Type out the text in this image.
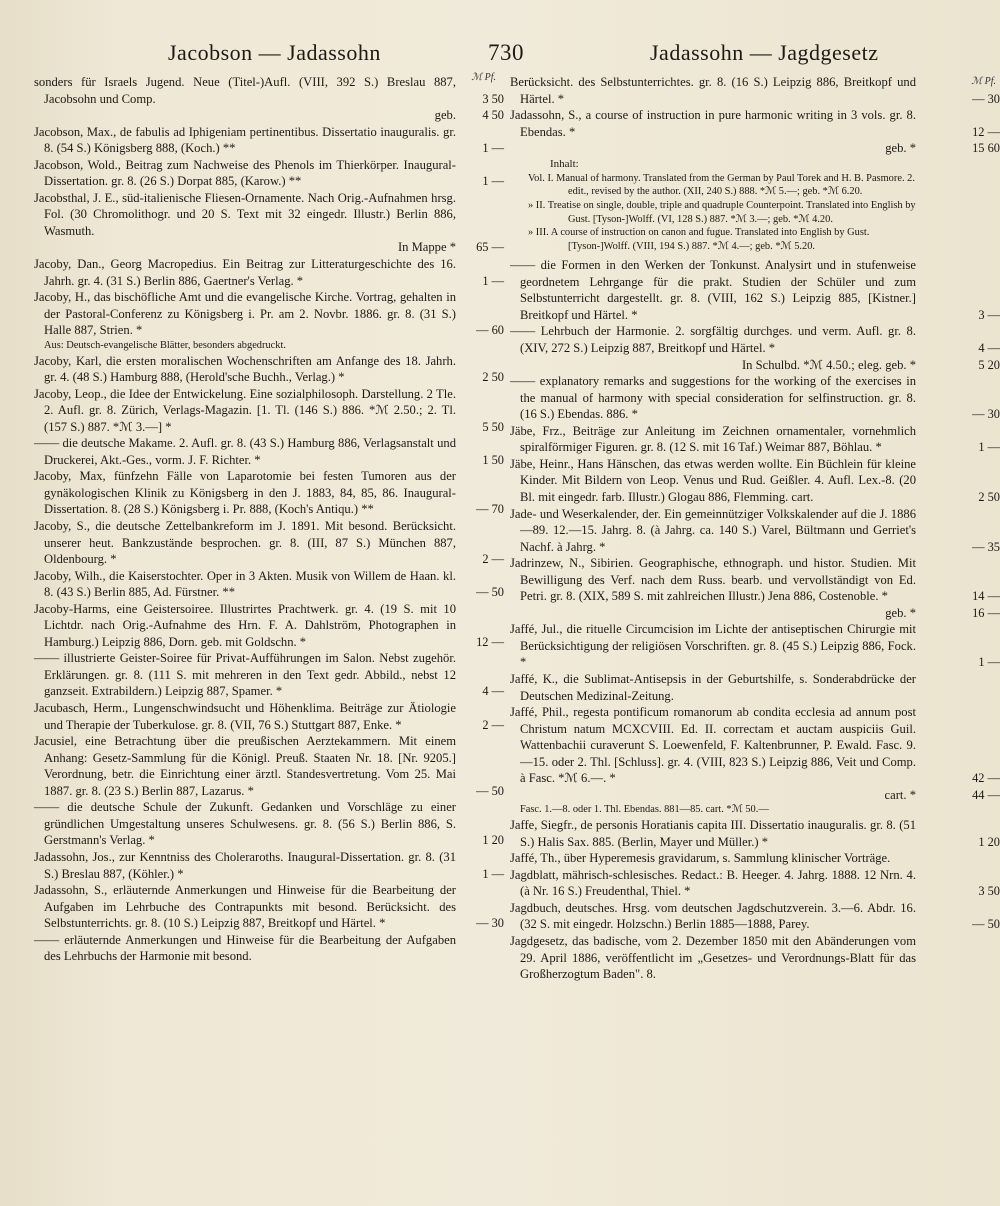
Jacobson — Jadassohn	730	Jadassohn — Jagdgesetz
ℳ Pf.
sonders für Israels Jugend. Neue (Titel-)Aufl. (VIII, 392 S.) Breslau 887, Jacobsohn und Comp.	3 50
geb. 4 50
Jacobson, Max., de fabulis ad Iphigeniam pertinentibus. Dissertatio inauguralis. gr. 8. (54 S.) Königsberg 888, (Koch.) **	1 —
Jacobson, Wold., Beitrag zum Nachweise des Phenols im Thierkörper. Inaugural-Dissertation. gr. 8. (26 S.) Dorpat 885, (Karow.) **	1 —
Jacobsthal, J. E., süd-italienische Fliesen-Ornamente. Nach Orig.-Aufnahmen hrsg. Fol. (30 Chromolithogr. und 20 S. Text mit 32 eingedr. Illustr.) Berlin 886, Wasmuth.
In Mappe * 65 —
Jacoby, Dan., Georg Macropedius. Ein Beitrag zur Litteraturgeschichte des 16. Jahrh. gr. 4. (31 S.) Berlin 886, Gaertner's Verlag. *	1 —
Jacoby, H., das bischöfliche Amt und die evangelische Kirche. Vortrag, gehalten in der Pastoral-Conferenz zu Königsberg i. Pr. am 2. Novbr. 1886. gr. 8. (31 S.) Halle 887, Strien. *	— 60
Aus: Deutsch-evangelische Blätter, besonders abgedruckt.
Jacoby, Karl, die ersten moralischen Wochenschriften am Anfange des 18. Jahrh. gr. 4. (48 S.) Hamburg 888, (Herold'sche Buchh., Verlag.) *	2 50
Jacoby, Leop., die Idee der Entwickelung. Eine sozialphilosoph. Darstellung. 2 Tle. 2. Aufl. gr. 8. Zürich, Verlags-Magazin. [1. Tl. (146 S.) 886. *ℳ 2.50.; 2. Tl. (157 S.) 887. *ℳ 3.—] *	5 50
—— die deutsche Makame. 2. Aufl. gr. 8. (43 S.) Hamburg 886, Verlagsanstalt und Druckerei, Akt.-Ges., vorm. J. F. Richter. *	1 50
Jacoby, Max, fünfzehn Fälle von Laparotomie bei festen Tumoren aus der gynäkologischen Klinik zu Königsberg in den J. 1883, 84, 85, 86. Inaugural-Dissertation. 8. (28 S.) Königsberg i. Pr. 888, (Koch's Antiqu.) **	— 70
Jacoby, S., die deutsche Zettelbankreform im J. 1891. Mit besond. Berücksicht. unserer heut. Bankzustände besprochen. gr. 8. (III, 87 S.) München 887, Oldenbourg. *	2 —
Jacoby, Wilh., die Kaiserstochter. Oper in 3 Akten. Musik von Willem de Haan. kl. 8. (43 S.) Berlin 885, Ad. Fürstner. **	— 50
Jacoby-Harms, eine Geistersoiree. Illustrirtes Prachtwerk. gr. 4. (19 S. mit 10 Lichtdr. nach Orig.-Aufnahme des Hrn. F. A. Dahlström, Photographen in Hamburg.) Leipzig 886, Dorn. geb. mit Goldschn. *	12 —
—— illustrierte Geister-Soiree für Privat-Aufführungen im Salon. Nebst zugehör. Erklärungen. gr. 8. (111 S. mit mehreren in den Text gedr. Abbild., nebst 12 ganzseit. Extrabildern.) Leipzig 887, Spamer. *	4 —
Jacubasch, Herm., Lungenschwindsucht und Höhenklima. Beiträge zur Ätiologie und Therapie der Tuberkulose. gr. 8. (VII, 76 S.) Stuttgart 887, Enke. *	2 —
Jacusiel, eine Betrachtung über die preußischen Aerztekammern. Mit einem Anhang: Gesetz-Sammlung für die Königl. Preuß. Staaten Nr. 18. [Nr. 9205.] Verordnung, betr. die Einrichtung einer ärztl. Standesvertretung. Vom 25. Mai 1887. gr. 8. (23 S.) Berlin 887, Lazarus. *	— 50
—— die deutsche Schule der Zukunft. Gedanken und Vorschläge zu einer gründlichen Umgestaltung unseres Schulwesens. gr. 8. (56 S.) Berlin 886, S. Gerstmann's Verlag. *	1 20
Jadassohn, Jos., zur Kenntniss des Choleraroths. Inaugural-Dissertation. gr. 8. (31 S.) Breslau 887, (Köhler.) *	1 —
Jadassohn, S., erläuternde Anmerkungen und Hinweise für die Bearbeitung der Aufgaben im Lehrbuche des Contrapunkts mit besond. Berücksicht. des Selbstunterrichts. gr. 8. (10 S.) Leipzig 887, Breitkopf und Härtel. *	— 30
—— erläuternde Anmerkungen und Hinweise für die Bearbeitung der Aufgaben des Lehrbuchs der Harmonie mit besond.
ℳ Pf.
Berücksicht. des Selbstunterrichtes. gr. 8. (16 S.) Leipzig 886, Breitkopf und Härtel. *	— 30
Jadassohn, S., a course of instruction in pure harmonic writing in 3 vols. gr. 8. Ebendas. *	12 —
geb. *	15 60
Inhalt:
Vol. I. Manual of harmony. Translated from the German by Paul Torek and H. B. Pasmore. 2. edit., revised by the author. (XII, 240 S.) 888. *ℳ 5.—; geb. *ℳ 6.20.
» II. Treatise on single, double, triple and quadruple Counterpoint. Translated into English by Gust. [Tyson-]Wolff. (VI, 128 S.) 887. *ℳ 3.—; geb. *ℳ 4.20.
» III. A course of instruction on canon and fugue. Translated into English by Gust. [Tyson-]Wolff. (VIII, 194 S.) 887. *ℳ 4.—; geb. *ℳ 5.20.
—— die Formen in den Werken der Tonkunst. Analysirt und in stufenweise geordnetem Lehrgange für die prakt. Studien der Schüler und zum Selbstunterricht dargestellt. gr. 8. (VIII, 162 S.) Leipzig 885, [Kistner.] Breitkopf und Härtel. *	3 —
—— Lehrbuch der Harmonie. 2. sorgfältig durchges. und verm. Aufl. gr. 8. (XIV, 272 S.) Leipzig 887, Breitkopf und Härtel. *	4 —
In Schulbd. *ℳ 4.50.; eleg. geb. *	5 20
—— explanatory remarks and suggestions for the working of the exercises in the manual of harmony with special consideration for selfinstruction. gr. 8. (16 S.) Ebendas. 886. *	— 30
Jäbe, Frz., Beiträge zur Anleitung im Zeichnen ornamentaler, vornehmlich spiralförmiger Figuren. gr. 8. (12 S. mit 16 Taf.) Weimar 887, Böhlau. *	1 —
Jäbe, Heinr., Hans Hänschen, das etwas werden wollte. Ein Büchlein für kleine Kinder. Mit Bildern von Leop. Venus und Rud. Geißler. 4. Aufl. Lex.-8. (20 Bl. mit eingedr. farb. Illustr.) Glogau 886, Flemming. cart.	2 50
Jade- und Weserkalender, der. Ein gemeinnütziger Volkskalender auf die J. 1886—89. 12.—15. Jahrg. 8. (à Jahrg. ca. 140 S.) Varel, Bültmann und Gerriet's Nachf. à Jahrg. *	— 35
Jadrinzew, N., Sibirien. Geographische, ethnograph. und histor. Studien. Mit Bewilligung des Verf. nach dem Russ. bearb. und vervollständigt von Ed. Petri. gr. 8. (XIX, 589 S. mit zahlreichen Illustr.) Jena 886, Costenoble. *	14 —
geb. *	16 —
Jaffé, Jul., die rituelle Circumcision im Lichte der antiseptischen Chirurgie mit Berücksichtigung der religiösen Vorschriften. gr. 8. (45 S.) Leipzig 886, Fock. *	1 —
Jaffé, K., die Sublimat-Antisepsis in der Geburtshilfe, s. Sonderabdrücke der Deutschen Medizinal-Zeitung.
Jaffé, Phil., regesta pontificum romanorum ab condita ecclesia ad annum post Christum natum MCXCVIII. Ed. II. correctam et auctam auspiciis Guil. Wattenbachii curaverunt S. Loewenfeld, F. Kaltenbrunner, P. Ewald. Fasc. 9.—15. oder 2. Thl. [Schluss]. gr. 4. (VIII, 823 S.) Leipzig 886, Veit und Comp. à Fasc. *ℳ 6.—. *	42 —
cart. *	44 —
Fasc. 1.—8. oder 1. Thl. Ebendas. 881—85. cart. *ℳ 50.—
Jaffe, Siegfr., de personis Horatianis capita III. Dissertatio inauguralis. gr. 8. (51 S.) Halis Sax. 885. (Berlin, Mayer und Müller.) *	1 20
Jaffé, Th., über Hyperemesis gravidarum, s. Sammlung klinischer Vorträge.
Jagdblatt, mährisch-schlesisches. Redact.: B. Heeger. 4. Jahrg. 1888. 12 Nrn. 4. (à Nr. 16 S.) Freudenthal, Thiel. *	3 50
Jagdbuch, deutsches. Hrsg. vom deutschen Jagdschutzverein. 3.—6. Abdr. 16. (32 S. mit eingedr. Holzschn.) Berlin 1885—1888, Parey.	— 50
Jagdgesetz, das badische, vom 2. Dezember 1850 mit den Abänderungen vom 29. April 1886, veröffentlicht im „Gesetzes- und Verordnungs-Blatt für das Großherzogtum Baden". 8.
